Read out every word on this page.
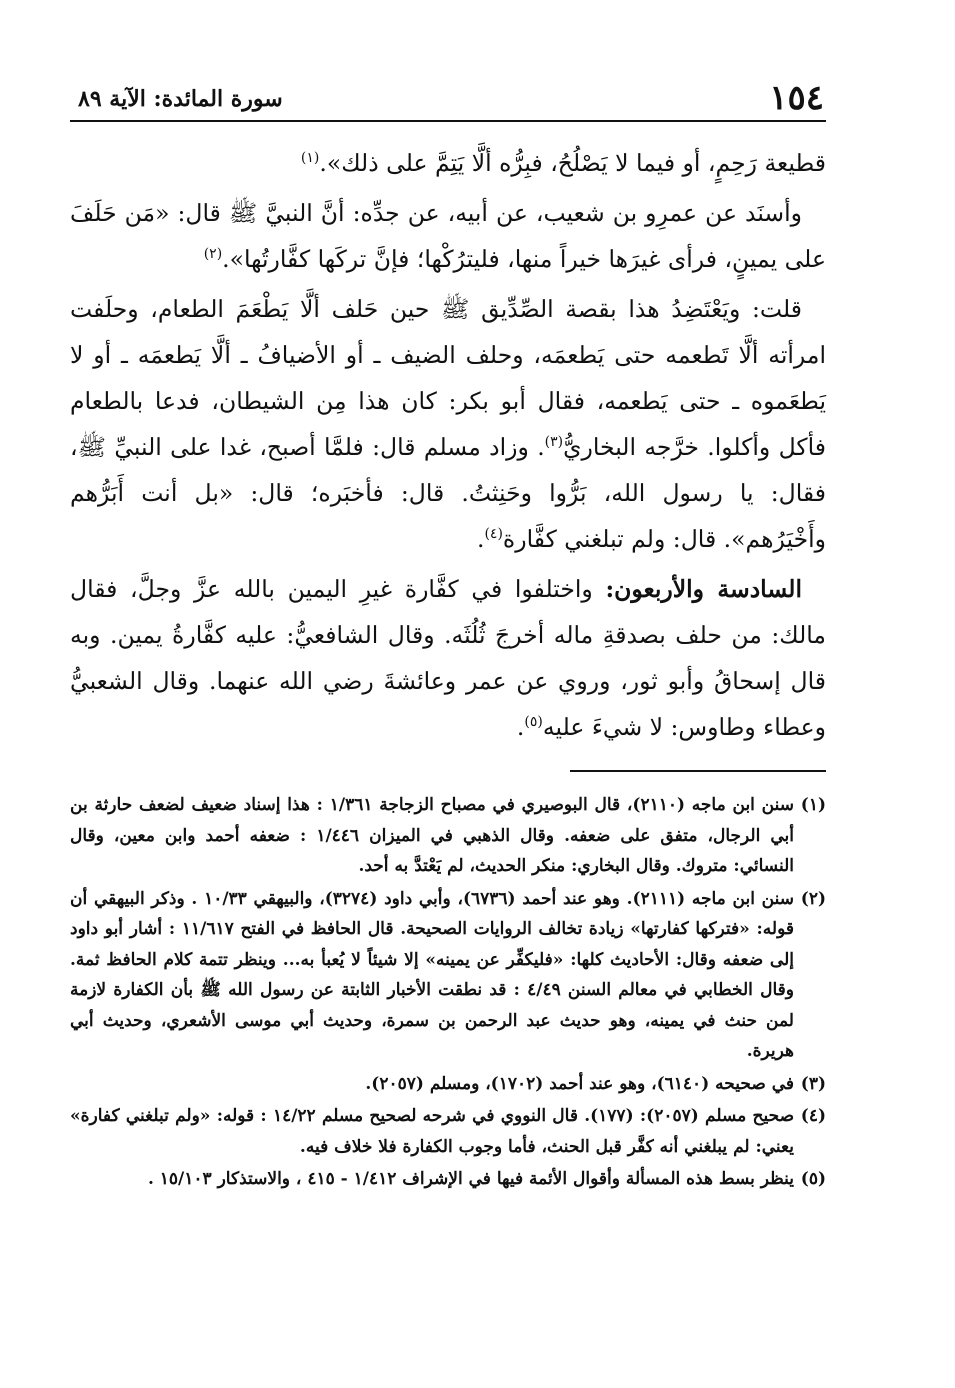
١٥٤
سورة المائدة: الآية ٨٩

قطيعة رَحِمٍ، أو فيما لا يَصْلُحُ، فبِرُّه ألَّا يَتِمَّ على ذلك».$^{(١)}$

وأسنَد عن عمرِو بن شعيب، عن أبيه، عن جدِّه: أنَّ النبيَّ ﷺ قال: «مَن حَلَفَ على يمينٍ، فرأى غيرَها خيراً منها، فليترُكْها؛ فإنَّ تركَها كفَّارتُها».$^{(٢)}$

قلت: ويَعْتَضِدُ هذا بقصة الصِّدِّيق ﷺ حين حَلف ألَّا يَطْعَمَ الطعام، وحلَفت امرأته ألَّا تَطعمه حتى يَطعمَه، وحلف الضيف ـ أو الأضيافُ ـ ألَّا يَطعمَه ـ أو لا يَطعَموه ـ حتى يَطعمه، فقال أبو بكر: كان هذا مِن الشيطان، فدعا بالطعام فأكل وأكلوا. خرَّجه البخاريُّ$^{(٣)}$. وزاد مسلم قال: فلمَّا أصبح، غدا على النبيِّ ﷺ، فقال: يا رسول الله، بَرُّوا وحَنِثتُ. قال: فأخبَره؛ قال: «بل أنت أَبَرُّهم وأَخْيَرُهم». قال: ولم تبلغني كفَّارة$^{(٤)}$.

السادسة والأربعون: واختلفوا في كفَّارة غيرِ اليمين بالله عزَّ وجلَّ، فقال مالك: من حلف بصدقةِ ماله أخرجَ ثُلُثَه. وقال الشافعيُّ: عليه كفَّارةُ يمين. وبه قال إسحاقُ وأبو ثور، وروي عن عمر وعائشةَ رضي الله عنهما. وقال الشعبيُّ وعطاء وطاوس: لا شيءَ عليه$^{(٥)}$.

(١)
سنن ابن ماجه (٢١١٠)، قال البوصيري في مصباح الزجاجة ١/٣٦١ : هذا إسناد ضعيف لضعف حارثة بن أبي الرجال، متفق على ضعفه. وقال الذهبي في الميزان ١/٤٤٦ : ضعفه أحمد وابن معين، وقال النسائي: متروك. وقال البخاري: منكر الحديث، لم يَعْتدَّ به أحد.
(٢)
سنن ابن ماجه (٢١١١). وهو عند أحمد (٦٧٣٦)، وأبي داود (٣٢٧٤)، والبيهقي ١٠/٣٣ . وذكر البيهقي أن قوله: «فتركها كفارتها» زيادة تخالف الروايات الصحيحة. قال الحافظ في الفتح ١١/٦١٧ : أشار أبو داود إلى ضعفه وقال: الأحاديث كلها: «فليكفِّر عن يمينه» إلا شيئاً لا يُعبأ به... وينظر تتمة كلام الحافظ ثمة. وقال الخطابي في معالم السنن ٤/٤٩ : قد نطقت الأخبار الثابتة عن رسول الله ﷺ بأن الكفارة لازمة لمن حنث في يمينه، وهو حديث عبد الرحمن بن سمرة، وحديث أبي موسى الأشعري، وحديث أبي هريرة.
(٣)
في صحيحه (٦١٤٠)، وهو عند أحمد (١٧٠٢)، ومسلم (٢٠٥٧).
(٤)
صحيح مسلم (٢٠٥٧): (١٧٧). قال النووي في شرحه لصحيح مسلم ١٤/٢٢ : قوله: «ولم تبلغني كفارة» يعني: لم يبلغني أنه كفَّر قبل الحنث، فأما وجوب الكفارة فلا خلاف فيه.
(٥)
ينظر بسط هذه المسألة وأقوال الأئمة فيها في الإشراف ١/٤١٢ - ٤١٥ ، والاستذكار ١٥/١٠٣ .
